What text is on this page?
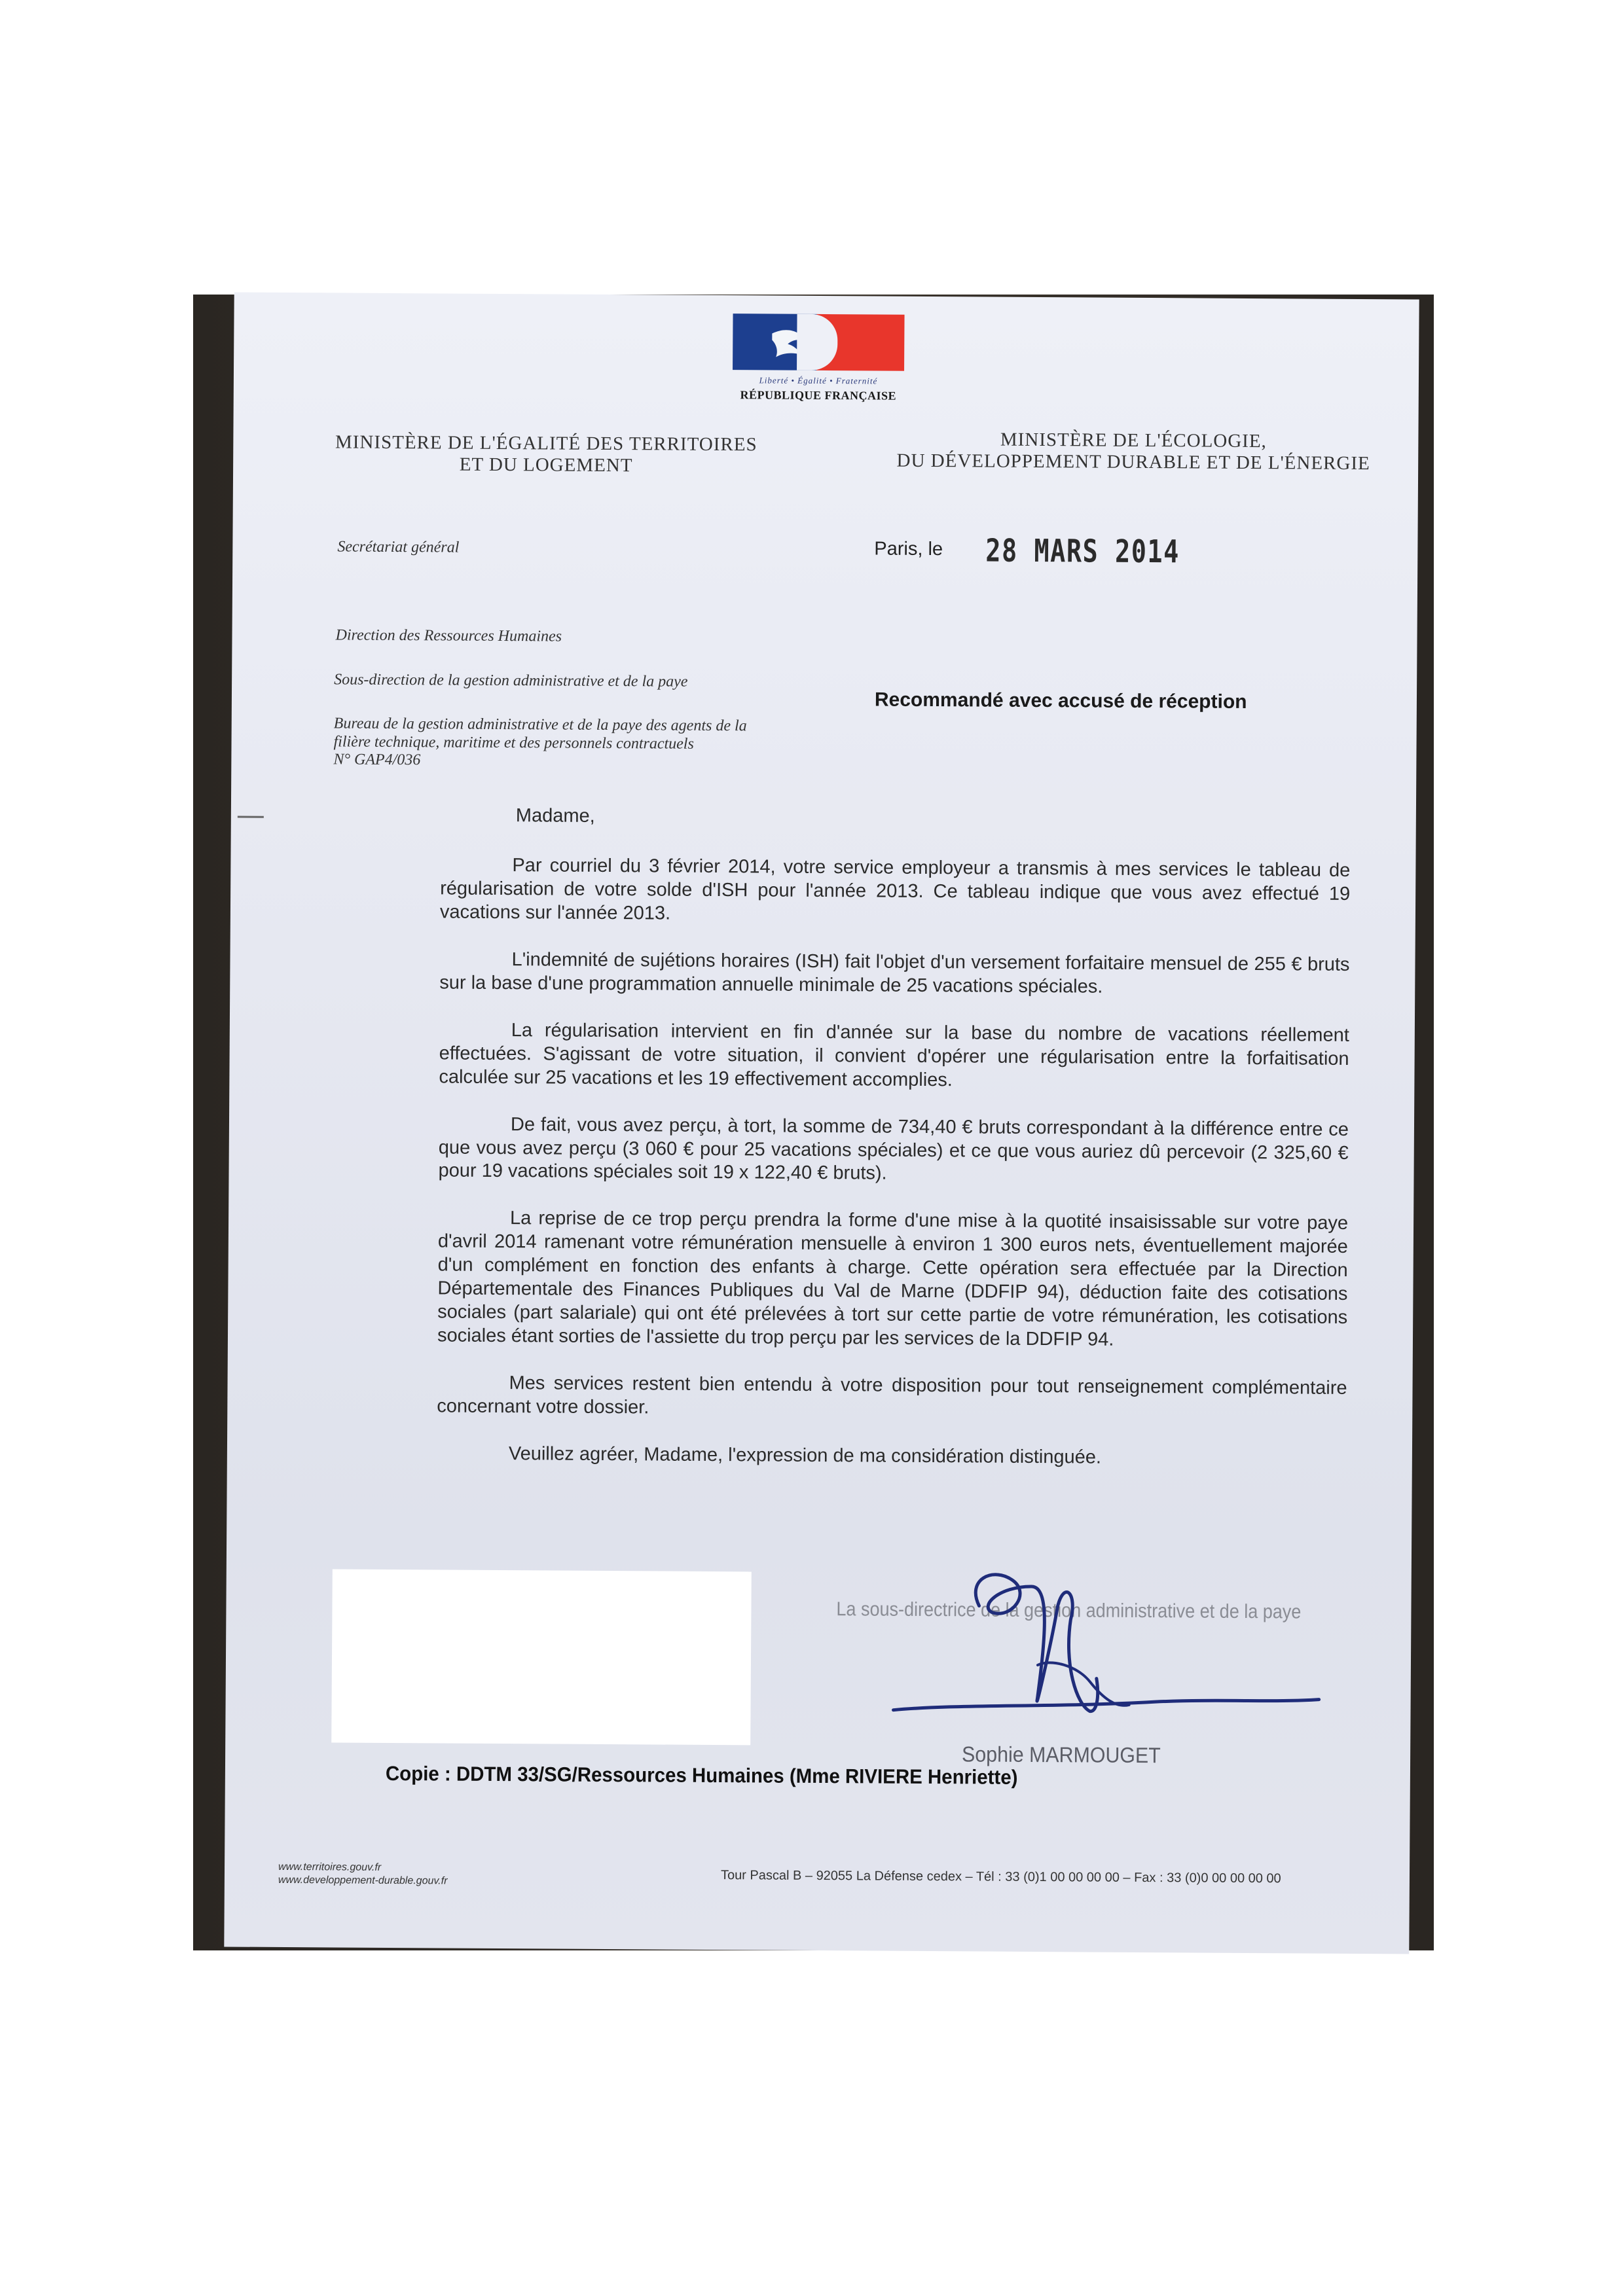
Liberté • Égalité • Fraternité
RÉPUBLIQUE FRANÇAISE
MINISTÈRE DE L'ÉGALITÉ DES TERRITOIRES
ET DU LOGEMENT
MINISTÈRE DE L'ÉCOLOGIE,
DU DÉVELOPPEMENT DURABLE ET DE L'ÉNERGIE
Secrétariat général	Paris, le 28 MARS 2014
Direction des Ressources Humaines
Sous-direction de la gestion administrative et de la paye
Bureau de la gestion administrative et de la paye des agents de la
filière technique, maritime et des personnels contractuels
N° GAP4/036
Recommandé avec accusé de réception

Madame,

Par courriel du 3 février 2014, votre service employeur a transmis à mes services le tableau de régularisation de votre solde d'ISH pour l'année 2013. Ce tableau indique que vous avez effectué 19 vacations sur l'année 2013.

L'indemnité de sujétions horaires (ISH) fait l'objet d'un versement forfaitaire mensuel de 255 € bruts sur la base d'une programmation annuelle minimale de 25 vacations spéciales.

La régularisation intervient en fin d'année sur la base du nombre de vacations réellement effectuées. S'agissant de votre situation, il convient d'opérer une régularisation entre la forfaitisation calculée sur 25 vacations et les 19 effectivement accomplies.

De fait, vous avez perçu, à tort, la somme de 734,40 € bruts correspondant à la différence entre ce que vous avez perçu (3 060 € pour 25 vacations spéciales) et ce que vous auriez dû percevoir (2 325,60 € pour 19 vacations spéciales soit 19 x 122,40 € bruts).

La reprise de ce trop perçu prendra la forme d'une mise à la quotité insaisissable sur votre paye d'avril 2014 ramenant votre rémunération mensuelle à environ 1 300 euros nets, éventuellement majorée d'un complément en fonction des enfants à charge. Cette opération sera effectuée par la Direction Départementale des Finances Publiques du Val de Marne (DDFIP 94), déduction faite des cotisations sociales (part salariale) qui ont été prélevées à tort sur cette partie de votre rémunération, les cotisations sociales étant sorties de l'assiette du trop perçu par les services de la DDFIP 94.

Mes services restent bien entendu à votre disposition pour tout renseignement complémentaire concernant votre dossier.

Veuillez agréer, Madame, l'expression de ma considération distinguée.

La sous-directrice de la gestion administrative et de la paye
Sophie MARMOUGET
Copie : DDTM 33/SG/Ressources Humaines (Mme RIVIERE Henriette)
www.territoires.gouv.fr
www.developpement-durable.gouv.fr	Tour Pascal B – 92055 La Défense cedex – Tél : 33 (0)1 00 00 00 00 – Fax : 33 (0)0 00 00 00 00
